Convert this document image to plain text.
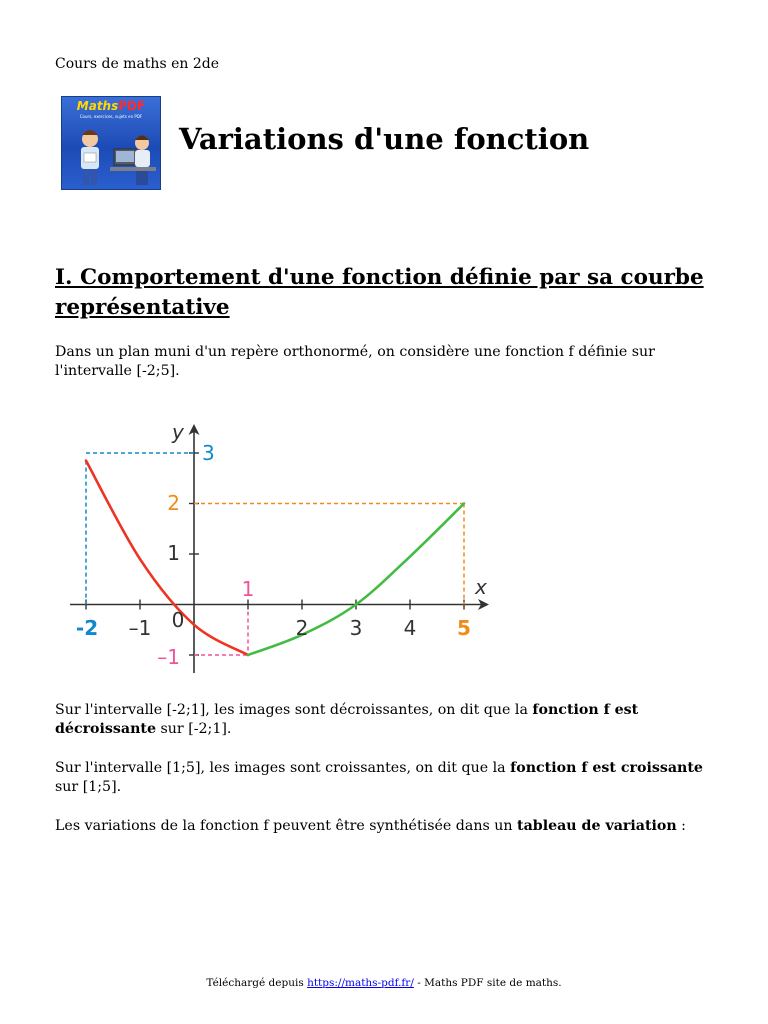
Cours de maths en 2de
MathsPDF
Cours, exercices, sujets en PDF
Variations d'une fonction
I. Comportement d'une fonction définie par sa courbe représentative
Dans un plan muni d'un repère orthonormé, on considère une fonction f définie sur l'intervalle [-2;5].
x
y
-2 –1 0
1
2 3 4 5
–1
1
2
3
Sur l'intervalle [-2;1], les images sont décroissantes, on dit que la fonction f est décroissante sur [-2;1].
Sur l'intervalle [1;5], les images sont croissantes, on dit que la fonction f est croissante sur [1;5].
Les variations de la fonction f peuvent être synthétisée dans un tableau de variation :
Téléchargé depuis https://maths-pdf.fr/ - Maths PDF site de maths.
